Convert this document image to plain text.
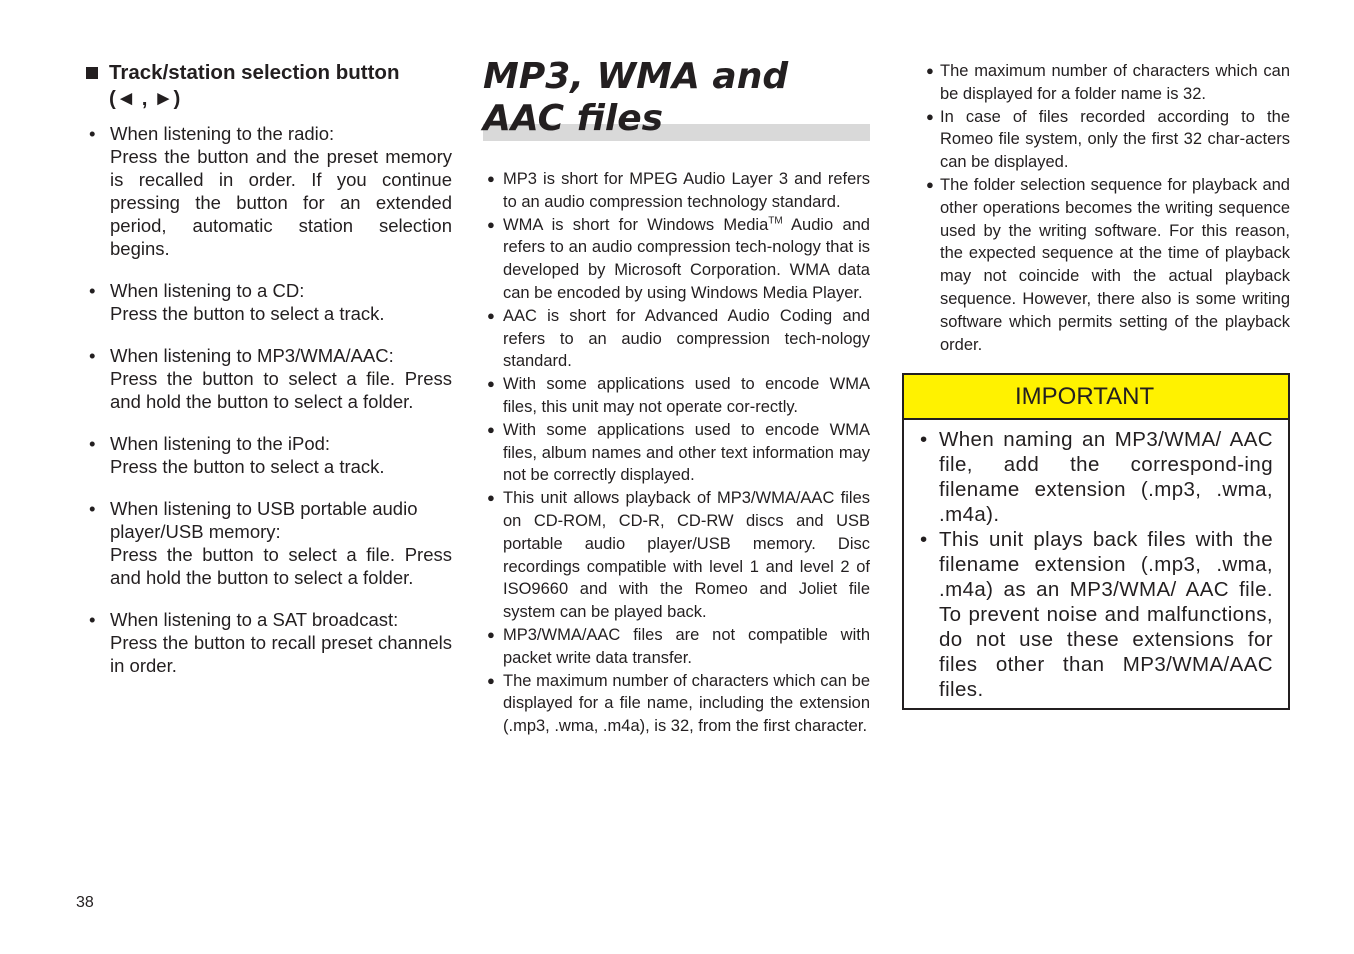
Track/station selection button
(◄ , ►)
• When listening to the radio:
Press the button and the preset memory is recalled in order. If you continue pressing the button for an extended period, automatic station selection begins.
• When listening to a CD:
Press the button to select a track.
• When listening to MP3/WMA/AAC:
Press the button to select a file. Press and hold the button to select a folder.
• When listening to the iPod:
Press the button to select a track.
• When listening to USB portable audio player/USB memory:
Press the button to select a file. Press and hold the button to select a folder.
• When listening to a SAT broadcast:
Press the button to recall preset channels in order.
MP3, WMA and
AAC files
● MP3 is short for MPEG Audio Layer 3 and refers to an audio compression technology standard.
● WMA is short for Windows Media™ Audio and refers to an audio compression tech-nology that is developed by Microsoft Corporation. WMA data can be encoded by using Windows Media Player.
● AAC is short for Advanced Audio Coding and refers to an audio compression tech-nology standard.
● With some applications used to encode WMA files, this unit may not operate cor-rectly.
● With some applications used to encode WMA files, album names and other text information may not be correctly displayed.
● This unit allows playback of MP3/WMA/AAC files on CD-ROM, CD-R, CD-RW discs and USB portable audio player/USB memory. Disc recordings compatible with level 1 and level 2 of ISO9660 and with the Romeo and Joliet file system can be played back.
● MP3/WMA/AAC files are not compatible with packet write data transfer.
● The maximum number of characters which can be displayed for a file name, including the extension (.mp3, .wma, .m4a), is 32, from the first character.
● The maximum number of characters which can be displayed for a folder name is 32.
● In case of files recorded according to the Romeo file system, only the first 32 char-acters can be displayed.
● The folder selection sequence for playback and other operations becomes the writing sequence used by the writing software. For this reason, the expected sequence at the time of playback may not coincide with the actual playback sequence. However, there also is some writing software which permits setting of the playback order.
IMPORTANT
• When naming an MP3/WMA/ AAC file, add the correspond-ing filename extension (.mp3, .wma, .m4a).
• This unit plays back files with the filename extension (.mp3, .wma, .m4a) as an MP3/WMA/ AAC file. To prevent noise and malfunctions, do not use these extensions for files other than MP3/WMA/AAC files.
38
